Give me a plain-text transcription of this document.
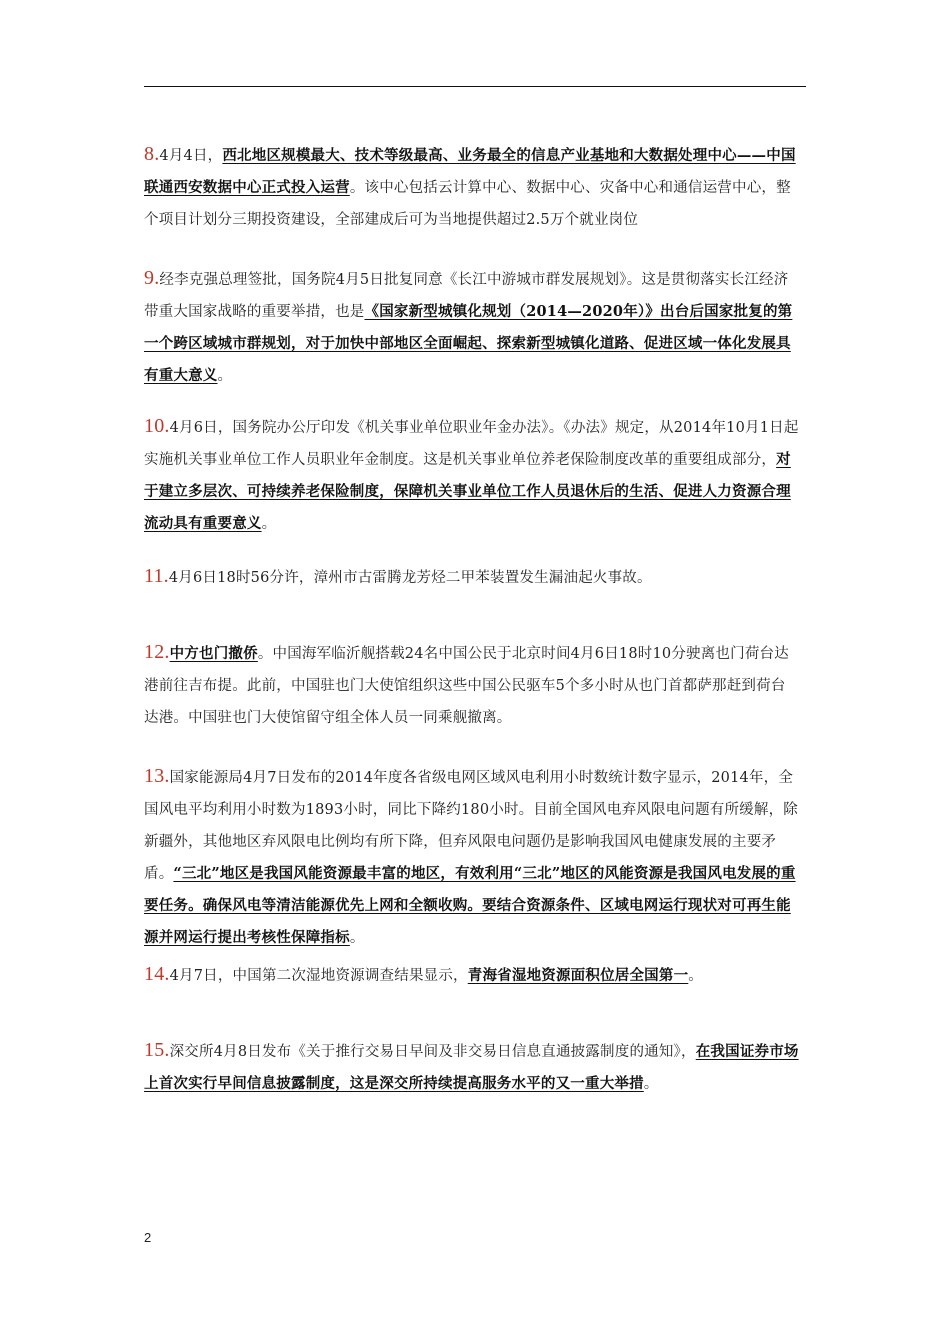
8.4月4日，西北地区规模最大、技术等级最高、业务最全的信息产业基地和大数据处理中心——中国联通西安数据中心正式投入运营。该中心包括云计算中心、数据中心、灾备中心和通信运营中心，整个项目计划分三期投资建设，全部建成后可为当地提供超过2.5万个就业岗位
9.经李克强总理签批，国务院4月5日批复同意《长江中游城市群发展规划》。这是贯彻落实长江经济带重大国家战略的重要举措，也是《国家新型城镇化规划（2014—2020年）》出台后国家批复的第一个跨区域城市群规划，对于加快中部地区全面崛起、探索新型城镇化道路、促进区域一体化发展具有重大意义。
10.4月6日，国务院办公厅印发《机关事业单位职业年金办法》。《办法》规定，从2014年10月1日起实施机关事业单位工作人员职业年金制度。这是机关事业单位养老保险制度改革的重要组成部分，对于建立多层次、可持续养老保险制度，保障机关事业单位工作人员退休后的生活、促进人力资源合理流动具有重要意义。
11.4月6日18时56分许，漳州市古雷腾龙芳烃二甲苯装置发生漏油起火事故。
12.中方也门撤侨。中国海军临沂舰搭载24名中国公民于北京时间4月6日18时10分驶离也门荷台达港前往吉布提。此前，中国驻也门大使馆组织这些中国公民驱车5个多小时从也门首都萨那赶到荷台达港。中国驻也门大使馆留守组全体人员一同乘舰撤离。
13.国家能源局4月7日发布的2014年度各省级电网区域风电利用小时数统计数字显示，2014年，全国风电平均利用小时数为1893小时，同比下降约180小时。目前全国风电弃风限电问题有所缓解，除新疆外，其他地区弃风限电比例均有所下降，但弃风限电问题仍是影响我国风电健康发展的主要矛盾。“三北”地区是我国风能资源最丰富的地区，有效利用“三北”地区的风能资源是我国风电发展的重要任务。确保风电等清洁能源优先上网和全额收购。要结合资源条件、区域电网运行现状对可再生能源并网运行提出考核性保障指标。
14.4月7日，中国第二次湿地资源调查结果显示，青海省湿地资源面积位居全国第一。
15.深交所4月8日发布《关于推行交易日早间及非交易日信息直通披露制度的通知》，在我国证券市场上首次实行早间信息披露制度，这是深交所持续提高服务水平的又一重大举措。
2
